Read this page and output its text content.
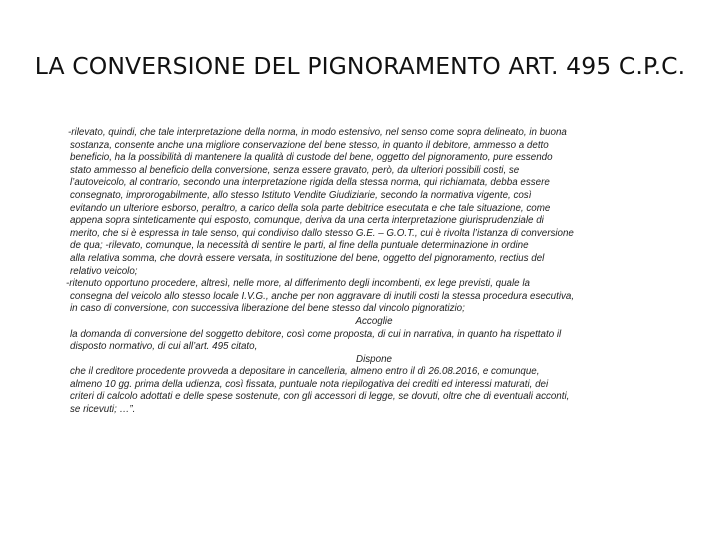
LA CONVERSIONE DEL PIGNORAMENTO ART. 495 C.P.C.
-rilevato, quindi, che tale interpretazione della norma, in modo estensivo, nel senso come sopra delineato, in buona
sostanza, consente anche una migliore conservazione del bene stesso, in quanto il debitore, ammesso a detto
beneficio, ha la possibilità di mantenere la qualità di custode del bene, oggetto del pignoramento, pure essendo
stato ammesso al beneficio della conversione, senza essere gravato, però, da ulteriori possibili costi, se
l’autoveicolo, al contrario, secondo una interpretazione rigida della stessa norma, qui richiamata, debba essere
consegnato, improrogabilmente, allo stesso Istituto Vendite Giudiziarie, secondo la normativa vigente, così
evitando un ulteriore esborso, peraltro, a carico della sola parte debitrice esecutata e che tale situazione, come
appena sopra sinteticamente qui esposto, comunque, deriva da una certa interpretazione giurisprudenziale di
merito, che si è espressa in tale senso, qui condiviso dallo stesso G.E. – G.O.T., cui è rivolta l’istanza di conversione
de qua; -rilevato, comunque, la necessità di sentire le parti, al fine della puntuale determinazione in ordine
alla relativa somma, che dovrà essere versata, in sostituzione del bene, oggetto del pignoramento, rectius del
relativo veicolo;
-ritenuto opportuno procedere, altresì, nelle more, al differimento degli incombenti, ex lege previsti, quale la
consegna del veicolo allo stesso locale I.V.G., anche per non aggravare di inutili costi la stessa procedura esecutiva,
in caso di conversione, con successiva liberazione del bene stesso dal vincolo pignoratizio;
Accoglie
la domanda di conversione del soggetto debitore, così come proposta, di cui in narrativa, in quanto ha rispettato il
disposto normativo, di cui all’art. 495 citato,
Dispone
che il creditore procedente provveda a depositare in cancelleria, almeno entro il dì 26.08.2016, e comunque,
almeno 10 gg. prima della udienza, così fissata, puntuale nota riepilogativa dei crediti ed interessi maturati, dei
criteri di calcolo adottati e delle spese sostenute, con gli accessori di legge, se dovuti, oltre che di eventuali acconti,
se ricevuti; …”.
